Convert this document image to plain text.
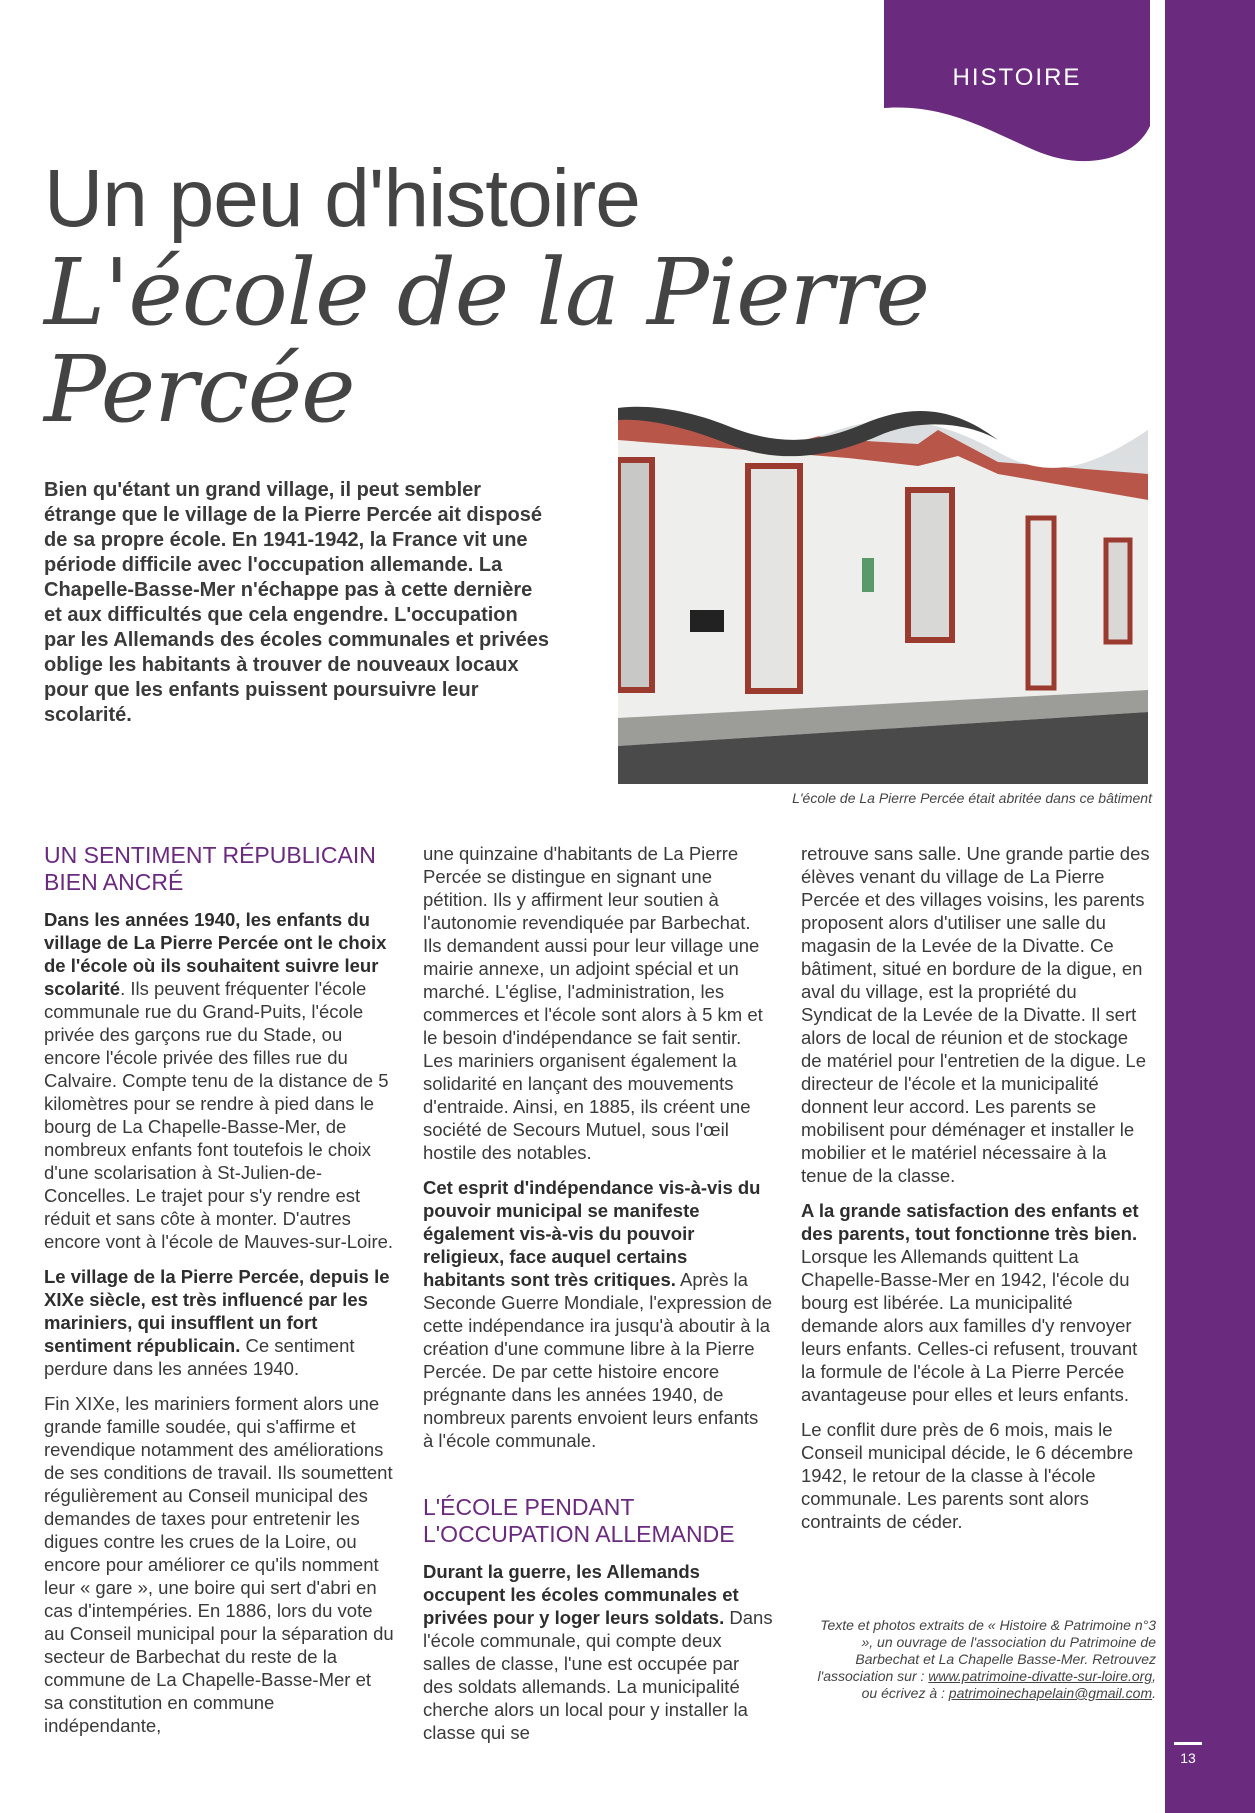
HISTOIRE
Un peu d'histoire
L'école de la Pierre Percée

Bien qu'étant un grand village, il peut sembler étrange que le village de la Pierre Percée ait disposé de sa propre école. En 1941-1942, la France vit une période difficile avec l'occupation allemande. La Chapelle-Basse-Mer n'échappe pas à cette dernière et aux difficultés que cela engendre. L'occupation par les Allemands des écoles communales et privées oblige les habitants à trouver de nouveaux locaux pour que les enfants puissent poursuivre leur scolarité.

L'école de La Pierre Percée était abritée dans ce bâtiment
UN SENTIMENT RÉPUBLICAIN BIEN ANCRÉ

Dans les années 1940, les enfants du village de La Pierre Percée ont le choix de l'école où ils souhaitent suivre leur scolarité. Ils peuvent fréquenter l'école communale rue du Grand-Puits, l'école privée des garçons rue du Stade, ou encore l'école privée des filles rue du Calvaire. Compte tenu de la distance de 5 kilomètres pour se rendre à pied dans le bourg de La Chapelle-Basse-Mer, de nombreux enfants font toutefois le choix d'une scolarisation à St-Julien-de-Concelles. Le trajet pour s'y rendre est réduit et sans côte à monter. D'autres encore vont à l'école de Mauves-sur-Loire.

Le village de la Pierre Percée, depuis le XIXe siècle, est très influencé par les mariniers, qui insufflent un fort sentiment républicain. Ce sentiment perdure dans les années 1940.

Fin XIXe, les mariniers forment alors une grande famille soudée, qui s'affirme et revendique notamment des améliorations de ses conditions de travail. Ils soumettent régulièrement au Conseil municipal des demandes de taxes pour entretenir les digues contre les crues de la Loire, ou encore pour améliorer ce qu'ils nomment leur « gare », une boire qui sert d'abri en cas d'intempéries. En 1886, lors du vote au Conseil municipal pour la séparation du secteur de Barbechat du reste de la commune de La Chapelle-Basse-Mer et sa constitution en commune indépendante,

une quinzaine d'habitants de La Pierre Percée se distingue en signant une pétition. Ils y affirment leur soutien à l'autonomie revendiquée par Barbechat. Ils demandent aussi pour leur village une mairie annexe, un adjoint spécial et un marché. L'église, l'administration, les commerces et l'école sont alors à 5 km et le besoin d'indépendance se fait sentir. Les mariniers organisent également la solidarité en lançant des mouvements d'entraide. Ainsi, en 1885, ils créent une société de Secours Mutuel, sous l'œil hostile des notables.

Cet esprit d'indépendance vis-à-vis du pouvoir municipal se manifeste également vis-à-vis du pouvoir religieux, face auquel certains habitants sont très critiques. Après la Seconde Guerre Mondiale, l'expression de cette indépendance ira jusqu'à aboutir à la création d'une commune libre à la Pierre Percée. De par cette histoire encore prégnante dans les années 1940, de nombreux parents envoient leurs enfants à l'école communale.

L'ÉCOLE PENDANT L'OCCUPATION ALLEMANDE

Durant la guerre, les Allemands occupent les écoles communales et privées pour y loger leurs soldats. Dans l'école communale, qui compte deux salles de classe, l'une est occupée par des soldats allemands. La municipalité cherche alors un local pour y installer la classe qui se

retrouve sans salle. Une grande partie des élèves venant du village de La Pierre Percée et des villages voisins, les parents proposent alors d'utiliser une salle du magasin de la Levée de la Divatte. Ce bâtiment, situé en bordure de la digue, en aval du village, est la propriété du Syndicat de la Levée de la Divatte. Il sert alors de local de réunion et de stockage de matériel pour l'entretien de la digue. Le directeur de l'école et la municipalité donnent leur accord. Les parents se mobilisent pour déménager et installer le mobilier et le matériel nécessaire à la tenue de la classe.

A la grande satisfaction des enfants et des parents, tout fonctionne très bien. Lorsque les Allemands quittent La Chapelle-Basse-Mer en 1942, l'école du bourg est libérée. La municipalité demande alors aux familles d'y renvoyer leurs enfants. Celles-ci refusent, trouvant la formule de l'école à La Pierre Percée avantageuse pour elles et leurs enfants.

Le conflit dure près de 6 mois, mais le Conseil municipal décide, le 6 décembre 1942, le retour de la classe à l'école communale. Les parents sont alors contraints de céder.

Texte et photos extraits de « Histoire & Patrimoine n°3 », un ouvrage de l'association du Patrimoine de Barbechat et La Chapelle Basse-Mer. Retrouvez l'association sur : www.patrimoine-divatte-sur-loire.org, ou écrivez à : patrimoinechapelain@gmail.com.
13
